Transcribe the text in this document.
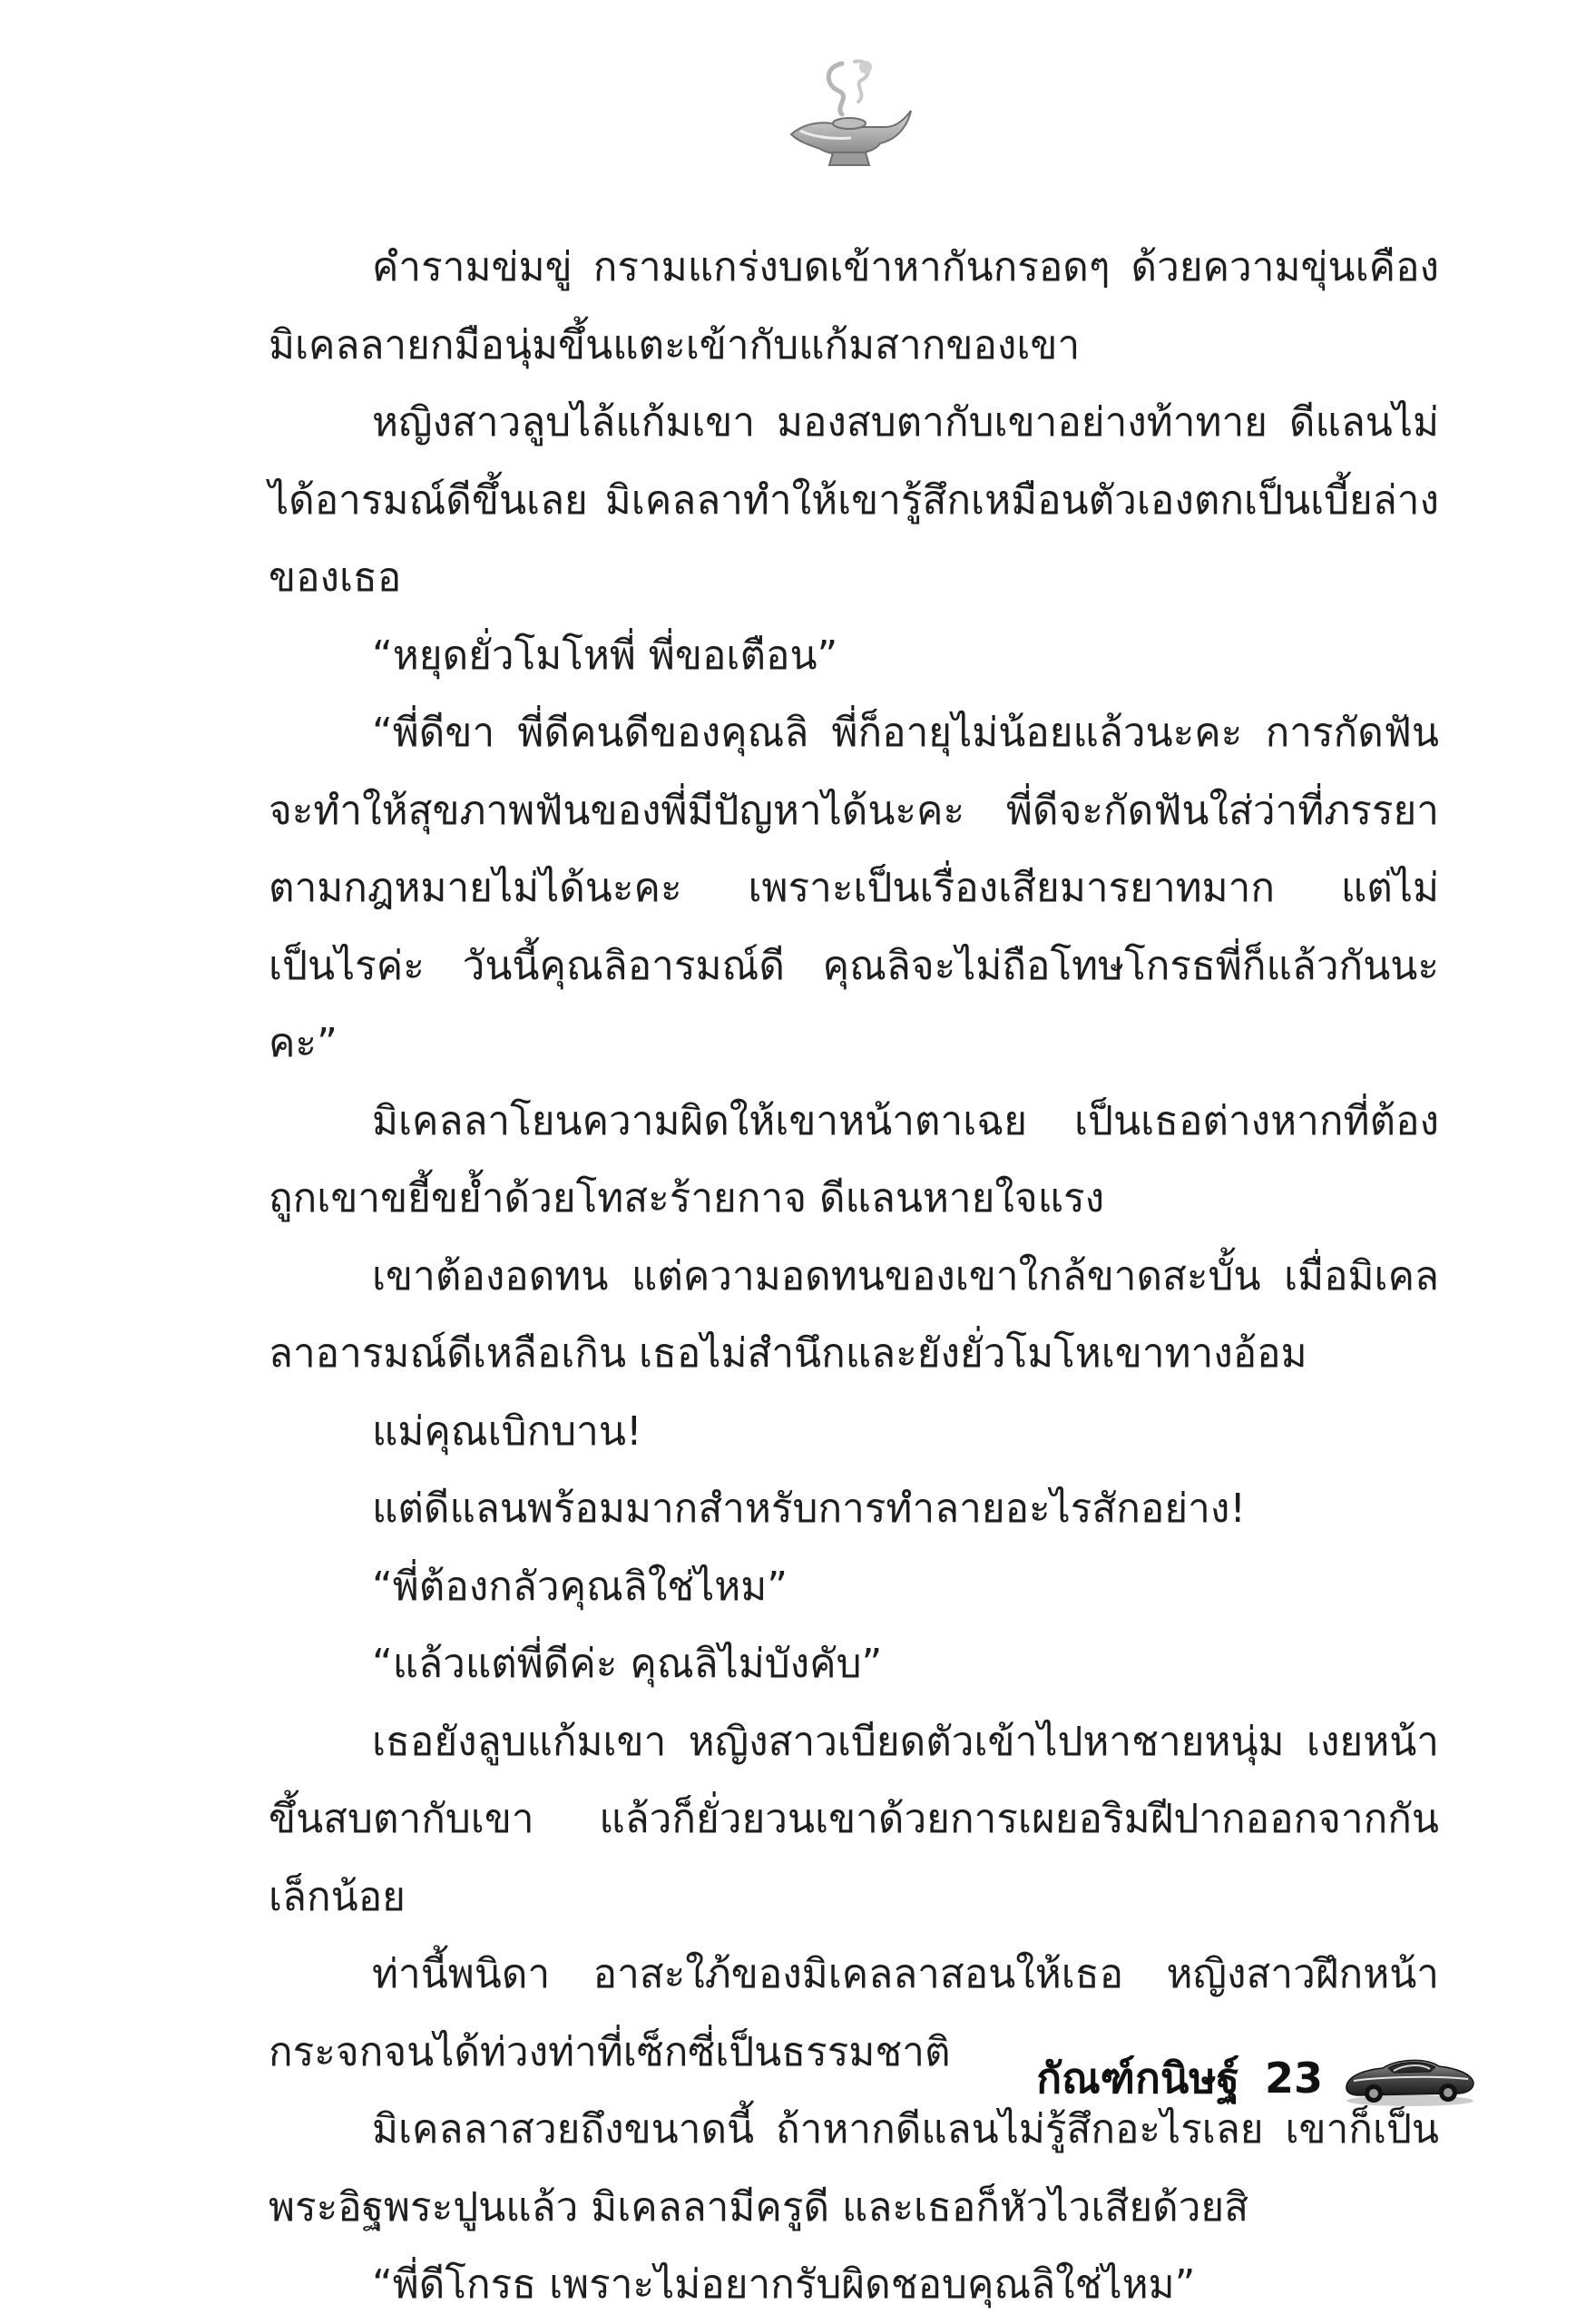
คำรามข่มขู่ กรามแกร่งบดเข้าหากันกรอดๆ ด้วยความขุ่นเคือง มิเคลลายกมือนุ่มขึ้นแตะเข้ากับแก้มสากของเขา
หญิงสาวลูบไล้แก้มเขา มองสบตากับเขาอย่างท้าทาย ดีแลนไม่ได้อารมณ์ดีขึ้นเลย มิเคลลาทำให้เขารู้สึกเหมือนตัวเองตกเป็นเบี้ยล่างของเธอ
“หยุดยั่วโมโหพี่ พี่ขอเตือน”
“พี่ดีขา พี่ดีคนดีของคุณลิ พี่ก็อายุไม่น้อยแล้วนะคะ การกัดฟันจะทำให้สุขภาพฟันของพี่มีปัญหาได้นะคะ พี่ดีจะกัดฟันใส่ว่าที่ภรรยาตามกฎหมายไม่ได้นะคะ เพราะเป็นเรื่องเสียมารยาทมาก แต่ไม่เป็นไรค่ะ วันนี้คุณลิอารมณ์ดี คุณลิจะไม่ถือโทษโกรธพี่ก็แล้วกันนะคะ”
มิเคลลาโยนความผิดให้เขาหน้าตาเฉย เป็นเธอต่างหากที่ต้องถูกเขาขยี้ขย้ำด้วยโทสะร้ายกาจ ดีแลนหายใจแรง
เขาต้องอดทน แต่ความอดทนของเขาใกล้ขาดสะบั้น เมื่อมิเคลลาอารมณ์ดีเหลือเกิน เธอไม่สำนึกและยังยั่วโมโหเขาทางอ้อม
แม่คุณเบิกบาน!
แต่ดีแลนพร้อมมากสำหรับการทำลายอะไรสักอย่าง!
“พี่ต้องกลัวคุณลิใช่ไหม”
“แล้วแต่พี่ดีค่ะ คุณลิไม่บังคับ”
เธอยังลูบแก้มเขา หญิงสาวเบียดตัวเข้าไปหาชายหนุ่ม เงยหน้าขึ้นสบตากับเขา แล้วก็ยั่วยวนเขาด้วยการเผยอริมฝีปากออกจากกันเล็กน้อย
ท่านี้พนิดา อาสะใภ้ของมิเคลลาสอนให้เธอ หญิงสาวฝึกหน้ากระจกจนได้ท่วงท่าที่เซ็กซี่เป็นธรรมชาติ
มิเคลลาสวยถึงขนาดนี้ ถ้าหากดีแลนไม่รู้สึกอะไรเลย เขาก็เป็นพระอิฐพระปูนแล้ว มิเคลลามีครูดี และเธอก็หัวไวเสียด้วยสิ
“พี่ดีโกรธ เพราะไม่อยากรับผิดชอบคุณลิใช่ไหม”
กัณฑ์กนิษฐ์ 23
